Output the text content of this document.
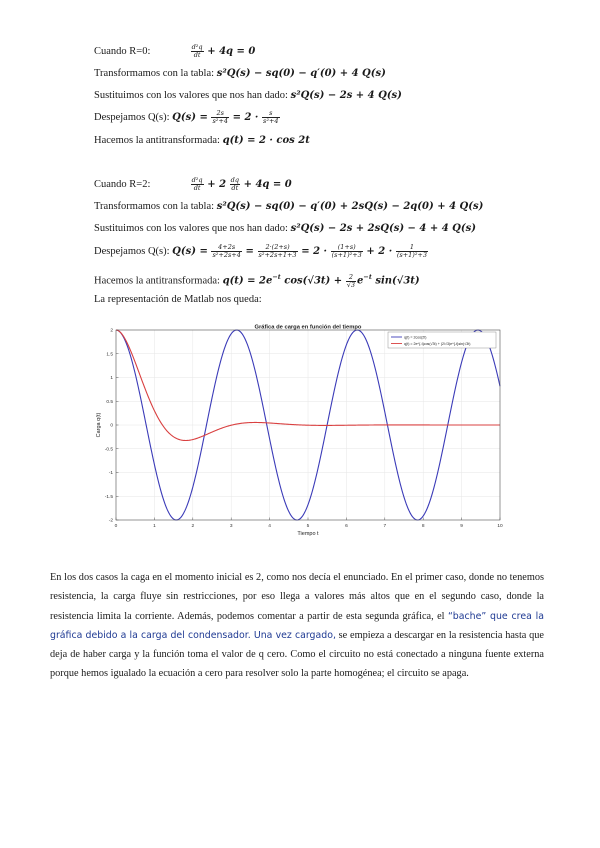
Cuando R=0:	$\frac{\text{d²q}}{dt} + 4q = 0$
Transformamos con la tabla: s²Q(s) − sq(0) − q′(0) + 4 Q(s)
Sustituimos con los valores que nos han dado: s²Q(s) − 2s + 4 Q(s)
Despejamos Q(s): $Q(s) = \frac{2s}{\text{s²+4}} = 2 \cdot \frac{s}{\text{s²+4}}$
Hacemos la antitransformada: q(t) = 2 · cos 2t
Cuando R=2:	$\frac{\text{d²q}}{dt} + 2 \frac{dq}{dt} + 4q = 0$
Transformamos con la tabla: s²Q(s) − sq(0) − q′(0) + 2sQ(s) − 2q(0) + 4 Q(s)
Sustituimos con los valores que nos han dado: s²Q(s) − 2s + 2sQ(s) − 4 + 4 Q(s)
Despejamos Q(s): $Q(s) = \frac{4+2s}{\text{s²+2s+4}} = \frac{2\cdot(2+s)}{\text{s²+2s+1+3}} = 2 \cdot \frac{(1+s)}{\text{(s+1)²+3}} + 2 \cdot \frac{1}{\text{(s+1)²+3}}$
Hacemos la antitransformada: $q(t) = 2e^{-t}$ $\cos(√3t) + \frac{2}{√3} e^{-t}$ sin(√3t)
La representación de Matlab nos queda:
0	1	2	3	4	5	6	7	8	9	10
-2
-1.5
-1
-0.5
0
0.5
1
1.5
2
Gráfica de carga en función del tiempo
Tiempo t
Carga q(t)
q(t) = 2cos(2t)
q(t) = 2e^{-t}cos(√3t) + (2/√3)e^{-t}sin(√3t)
En los dos casos la caga en el momento inicial es 2, como nos decía el enunciado. En el primer caso, donde no tenemos resistencia, la carga fluye sin restricciones, por eso llega a valores más altos que en el segundo caso, donde la resistencia limita la corriente. Además, podemos comentar a partir de esta segunda gráfica, el “bache” que crea la gráfica debido a la carga del condensador. Una vez cargado, se empieza a descargar en la resistencia hasta que deja de haber carga y la función toma el valor de q cero. Como el circuito no está conectado a ninguna fuente externa porque hemos igualado la ecuación a cero para resolver solo la parte homogénea; el circuito se apaga.
